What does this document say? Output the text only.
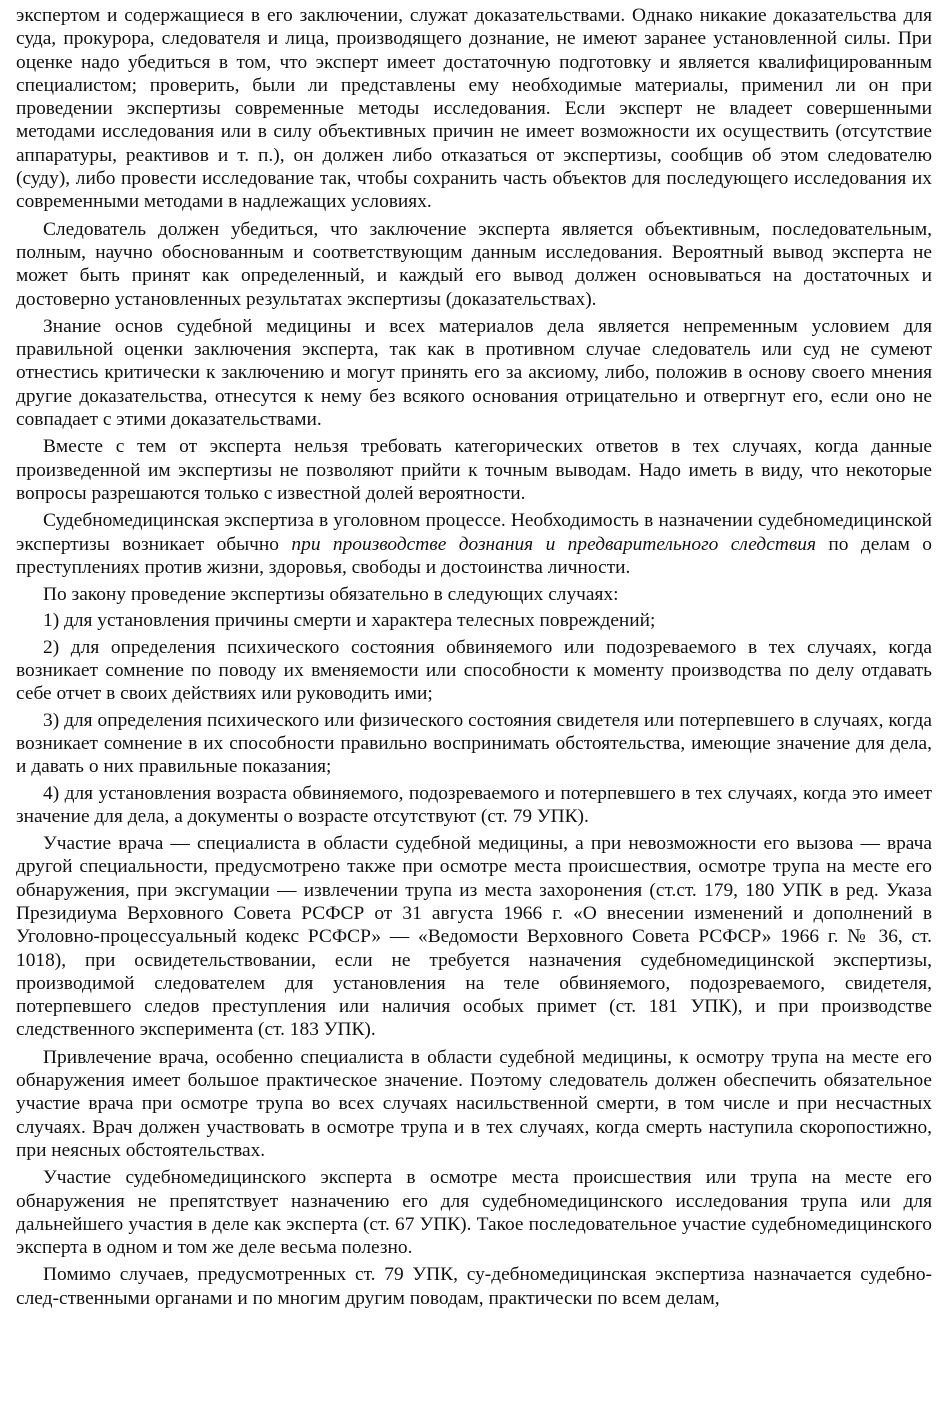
экспертом и содержащиеся в его заключении, служат доказательствами. Однако никакие доказательства для суда, прокурора, следователя и лица, производящего дознание, не имеют заранее установленной силы. При оценке надо убедиться в том, что эксперт имеет достаточную подготовку и является квалифицированным специалистом; проверить, были ли представлены ему необходимые материалы, применил ли он при проведении экспертизы современные методы исследования. Если эксперт не владеет совершенными методами исследования или в силу объективных причин не имеет возможности их осуществить (отсутствие аппаратуры, реактивов и т. п.), он должен либо отказаться от экспертизы, сообщив об этом следователю (суду), либо провести исследование так, чтобы сохранить часть объектов для последующего исследования их современными методами в надлежащих условиях.

Следователь должен убедиться, что заключение эксперта является объективным, последовательным, полным, научно обоснованным и соответствующим данным исследования. Вероятный вывод эксперта не может быть принят как определенный, и каждый его вывод должен основываться на достаточных и достоверно установленных результатах экспертизы (доказательствах).

Знание основ судебной медицины и всех материалов дела является непременным условием для правильной оценки заключения эксперта, так как в противном случае следователь или суд не сумеют отнестись критически к заключению и могут принять его за аксиому, либо, положив в основу своего мнения другие доказательства, отнесутся к нему без всякого основания отрицательно и отвергнут его, если оно не совпадает с этими доказательствами.

Вместе с тем от эксперта нельзя требовать категорических ответов в тех случаях, когда данные произведенной им экспертизы не позволяют прийти к точным выводам. Надо иметь в виду, что некоторые вопросы разрешаются только с известной долей вероятности.

Судебномедицинская экспертиза в уголовном процессе. Необходимость в назначении судебномедицинской экспертизы возникает обычно при производстве дознания и предварительного следствия по делам о преступлениях против жизни, здоровья, свободы и достоинства личности.

По закону проведение экспертизы обязательно в следующих случаях:

1) для установления причины смерти и характера телесных повреждений;

2) для определения психического состояния обвиняемого или подозреваемого в тех случаях, когда возникает сомнение по поводу их вменяемости или способности к моменту производства по делу отдавать себе отчет в своих действиях или руководить ими;

3) для определения психического или физического состояния свидетеля или потерпевшего в случаях, когда возникает сомнение в их способности правильно воспринимать обстоятельства, имеющие значение для дела, и давать о них правильные показания;

4) для установления возраста обвиняемого, подозреваемого и потерпевшего в тех случаях, когда это имеет значение для дела, а документы о возрасте отсутствуют (ст. 79 УПК).

Участие врача — специалиста в области судебной медицины, а при невозможности его вызова — врача другой специальности, предусмотрено также при осмотре места происшествия, осмотре трупа на месте его обнаружения, при эксгумации — извлечении трупа из места захоронения (ст.ст. 179, 180 УПК в ред. Указа Президиума Верховного Совета РСФСР от 31 августа 1966 г. «О внесении изменений и дополнений в Уголовно-процессуальный кодекс РСФСР» — «Ведомости Верховного Совета РСФСР» 1966 г. № 36, ст. 1018), при освидетельствовании, если не требуется назначения судебномедицинской экспертизы, производимой следователем для установления на теле обвиняемого, подозреваемого, свидетеля, потерпевшего следов преступления или наличия особых примет (ст. 181 УПК), и при производстве следственного эксперимента (ст. 183 УПК).

Привлечение врача, особенно специалиста в области судебной медицины, к осмотру трупа на месте его обнаружения имеет большое практическое значение. Поэтому следователь должен обеспечить обязательное участие врача при осмотре трупа во всех случаях насильственной смерти, в том числе и при несчастных случаях. Врач должен участвовать в осмотре трупа и в тех случаях, когда смерть наступила скоропостижно, при неясных обстоятельствах.

Участие судебномедицинского эксперта в осмотре места происшествия или трупа на месте его обнаружения не препятствует назначению его для судебномедицинского исследования трупа или для дальнейшего участия в деле как эксперта (ст. 67 УПК). Такое последовательное участие судебномедицинского эксперта в одном и том же деле весьма полезно.

Помимо случаев, предусмотренных ст. 79 УПК, су-дебномедицинская экспертиза назначается судебно-след-ственными органами и по многим другим поводам, практически по всем делам,
